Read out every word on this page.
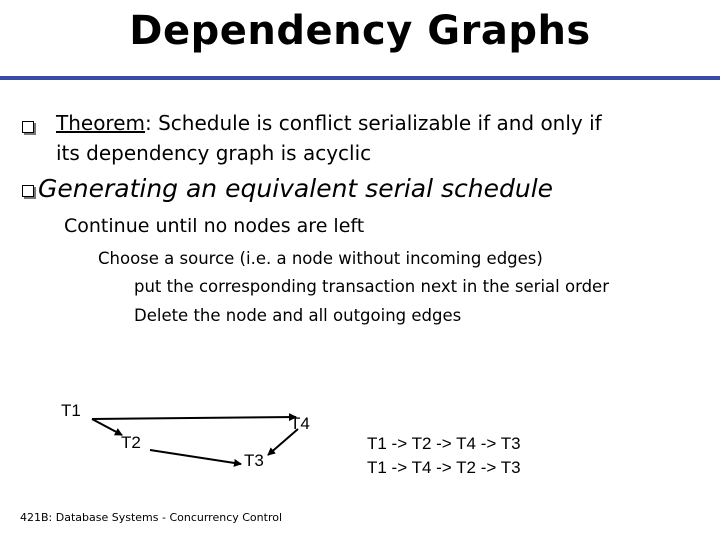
Dependency Graphs
Theorem: Schedule is conflict serializable if and only if
its dependency graph is acyclic
Generating an equivalent serial schedule
Continue until no nodes are left
Choose a source (i.e. a node without incoming edges)
put the corresponding transaction next in the serial order
Delete the node and all outgoing edges
T1
T2
T3
T4
T1 -> T2 -> T4 -> T3
T1 -> T4 -> T2 -> T3
421B: Database Systems - Concurrency Control
